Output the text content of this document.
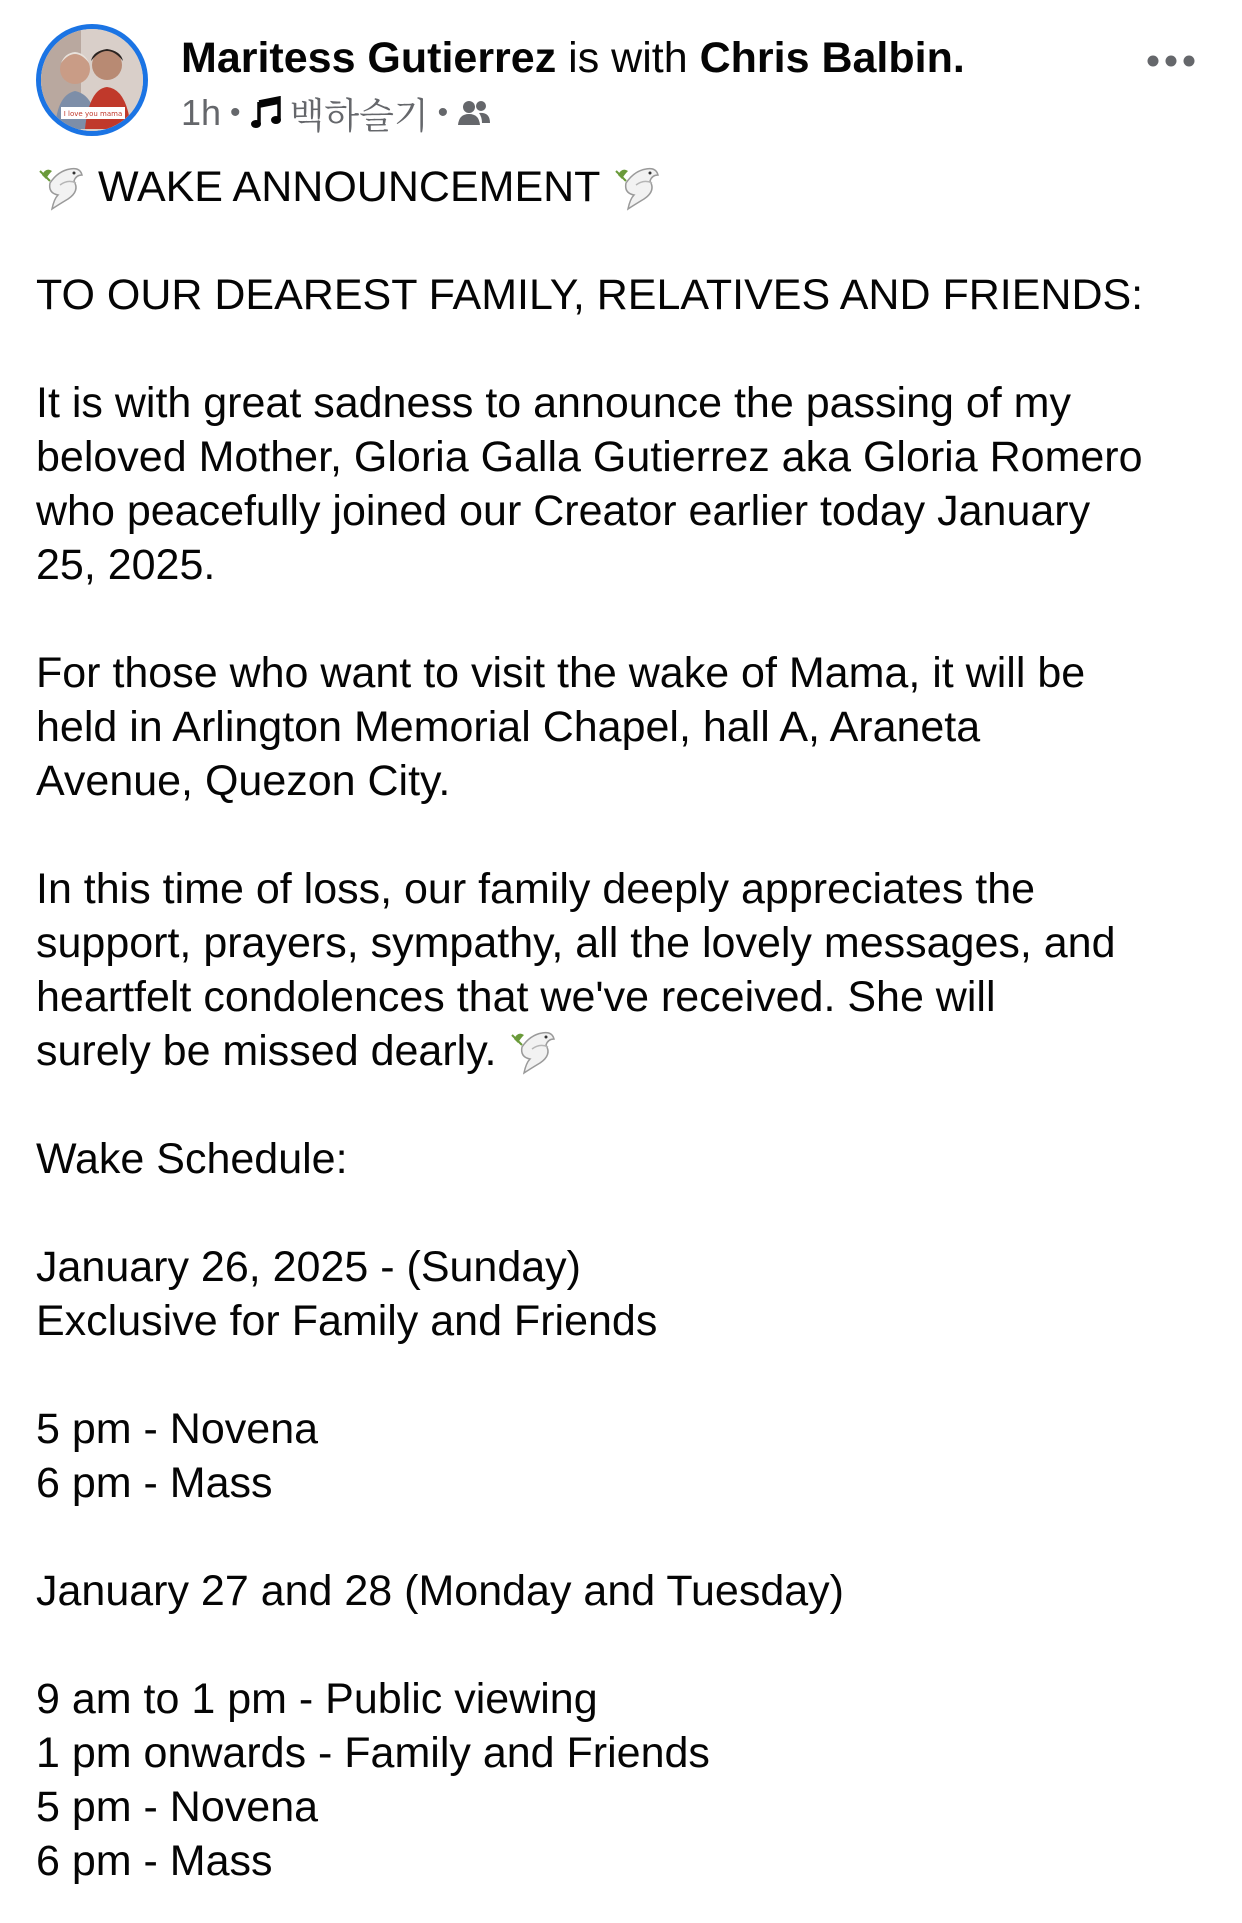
I love you mama
Maritess Gutierrez is with Chris Balbin.
1h • 백하슬기 •
WAKE ANNOUNCEMENT
TO OUR DEAREST FAMILY, RELATIVES AND FRIENDS:
It is with great sadness to announce the passing of my
beloved Mother, Gloria Galla Gutierrez aka Gloria Romero
who peacefully joined our Creator earlier today January
25, 2025.
For those who want to visit the wake of Mama, it will be
held in Arlington Memorial Chapel, hall A, Araneta
Avenue, Quezon City.
In this time of loss, our family deeply appreciates the
support, prayers, sympathy, all the lovely messages, and
heartfelt condolences that we've received. She will
surely be missed dearly.
Wake Schedule:
January 26, 2025 - (Sunday)
Exclusive for Family and Friends
5 pm - Novena
6 pm - Mass
January 27 and 28 (Monday and Tuesday)
9 am to 1 pm - Public viewing
1 pm onwards - Family and Friends
5 pm - Novena
6 pm - Mass
